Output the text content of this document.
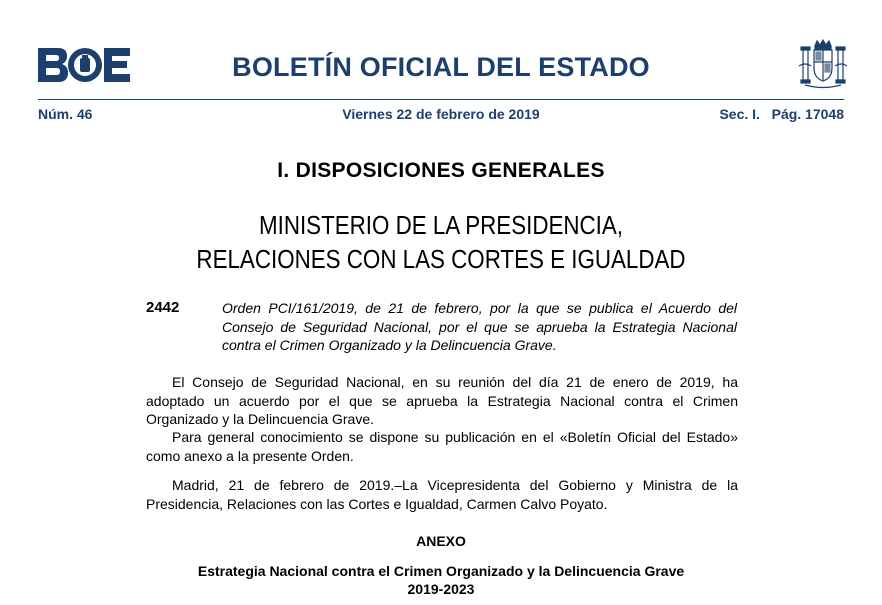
BOLETÍN OFICIAL DEL ESTADO
Núm. 46	Viernes 22 de febrero de 2019	Sec. I.   Pág. 17048
I. DISPOSICIONES GENERALES
MINISTERIO DE LA PRESIDENCIA,
RELACIONES CON LAS CORTES E IGUALDAD
2442	Orden PCI/161/2019, de 21 de febrero, por la que se publica el Acuerdo del Consejo de Seguridad Nacional, por el que se aprueba la Estrategia Nacional contra el Crimen Organizado y la Delincuencia Grave.
El Consejo de Seguridad Nacional, en su reunión del día 21 de enero de 2019, ha adoptado un acuerdo por el que se aprueba la Estrategia Nacional contra el Crimen Organizado y la Delincuencia Grave.
Para general conocimiento se dispone su publicación en el «Boletín Oficial del Estado» como anexo a la presente Orden.
Madrid, 21 de febrero de 2019.–La Vicepresidenta del Gobierno y Ministra de la Presidencia, Relaciones con las Cortes e Igualdad, Carmen Calvo Poyato.
ANEXO
Estrategia Nacional contra el Crimen Organizado y la Delincuencia Grave 2019-2023
